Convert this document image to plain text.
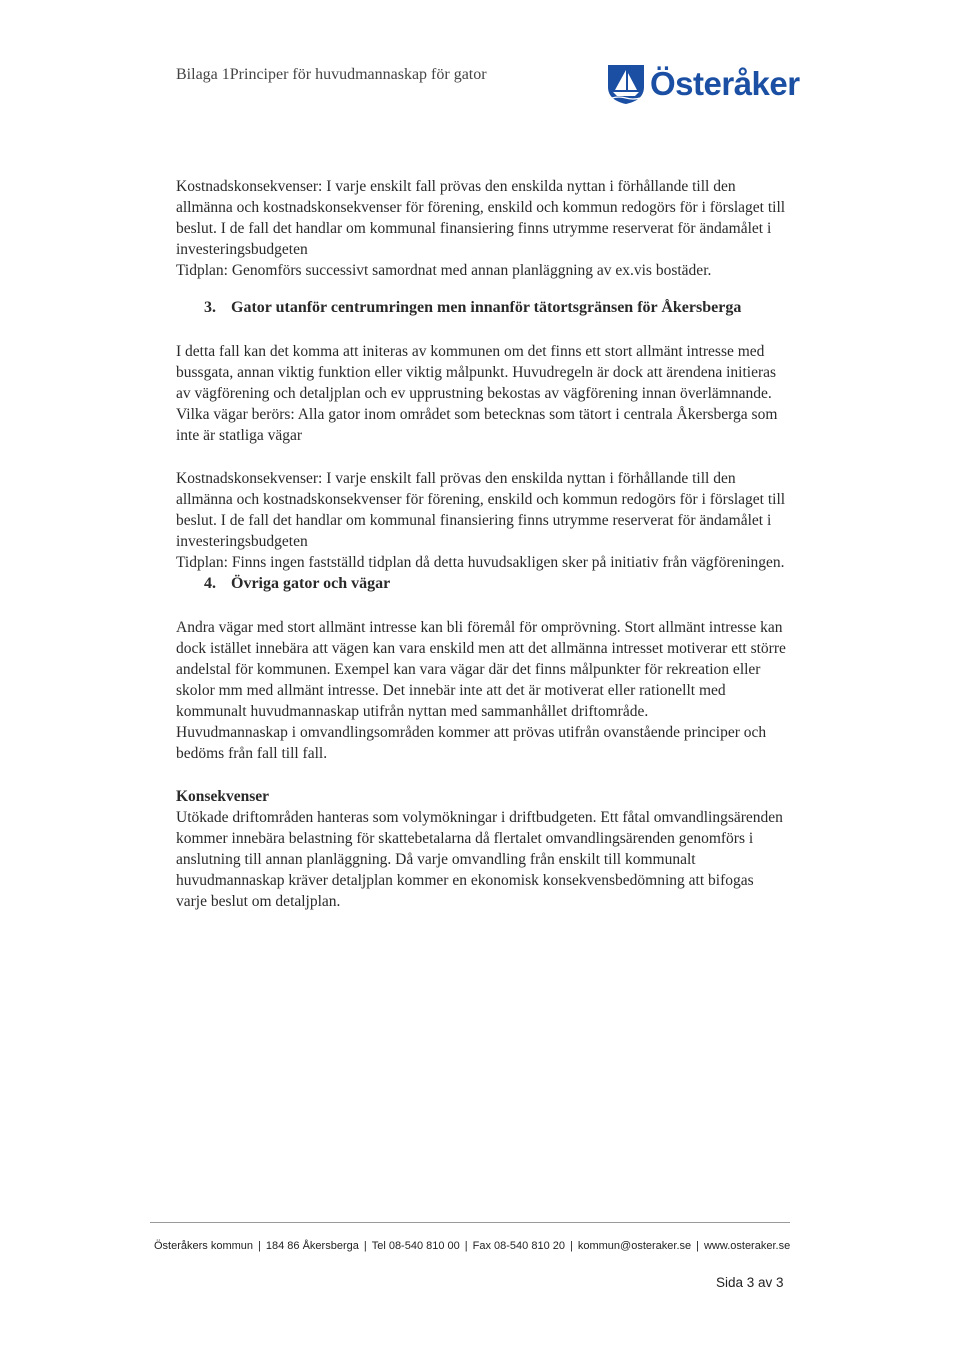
Bilaga 1Principer för huvudmannaskap för gator	Österåker

Kostnadskonsekvenser: I varje enskilt fall prövas den enskilda nyttan i förhållande till den allmänna och kostnadskonsekvenser för förening, enskild och kommun redogörs för i förslaget till beslut. I de fall det handlar om kommunal finansiering finns utrymme reserverat för ändamålet i investeringsbudgeten

Tidplan: Genomförs successivt samordnat med annan planläggning av ex.vis bostäder.

3. Gator utanför centrumringen men innanför tätortsgränsen för Åkersberga

I detta fall kan det komma att initeras av kommunen om det finns ett stort allmänt intresse med bussgata, annan viktig funktion eller viktig målpunkt. Huvudregeln är dock att ärendena initieras av vägförening och detaljplan och ev upprustning bekostas av vägförening innan överlämnande.

Vilka vägar berörs: Alla gator inom området som betecknas som tätort i centrala Åkersberga som inte är statliga vägar

Kostnadskonsekvenser: I varje enskilt fall prövas den enskilda nyttan i förhållande till den allmänna och kostnadskonsekvenser för förening, enskild och kommun redogörs för i förslaget till beslut. I de fall det handlar om kommunal finansiering finns utrymme reserverat för ändamålet i investeringsbudgeten

Tidplan: Finns ingen fastställd tidplan då detta huvudsakligen sker på initiativ från vägföreningen.

4. Övriga gator och vägar

Andra vägar med stort allmänt intresse kan bli föremål för omprövning. Stort allmänt intresse kan dock istället innebära att vägen kan vara enskild men att det allmänna intresset motiverar ett större andelstal för kommunen. Exempel kan vara vägar där det finns målpunkter för rekreation eller skolor mm med allmänt intresse. Det innebär inte att det är motiverat eller rationellt med kommunalt huvudmannaskap utifrån nyttan med sammanhållet driftområde.

Huvudmannaskap i omvandlingsområden kommer att prövas utifrån ovanstående principer och bedöms från fall till fall.

Konsekvenser

Utökade driftområden hanteras som volymökningar i driftbudgeten. Ett fåtal omvandlingsärenden kommer innebära belastning för skattebetalarna då flertalet omvandlingsärenden genomförs i anslutning till annan planläggning. Då varje omvandling från enskilt till kommunalt huvudmannaskap kräver detaljplan kommer en ekonomisk konsekvensbedömning att bifogas varje beslut om detaljplan.

Österåkers kommun | 184 86 Åkersberga | Tel 08-540 810 00 | Fax 08-540 810 20 | kommun@osteraker.se | www.osteraker.se
Sida 3 av 3
